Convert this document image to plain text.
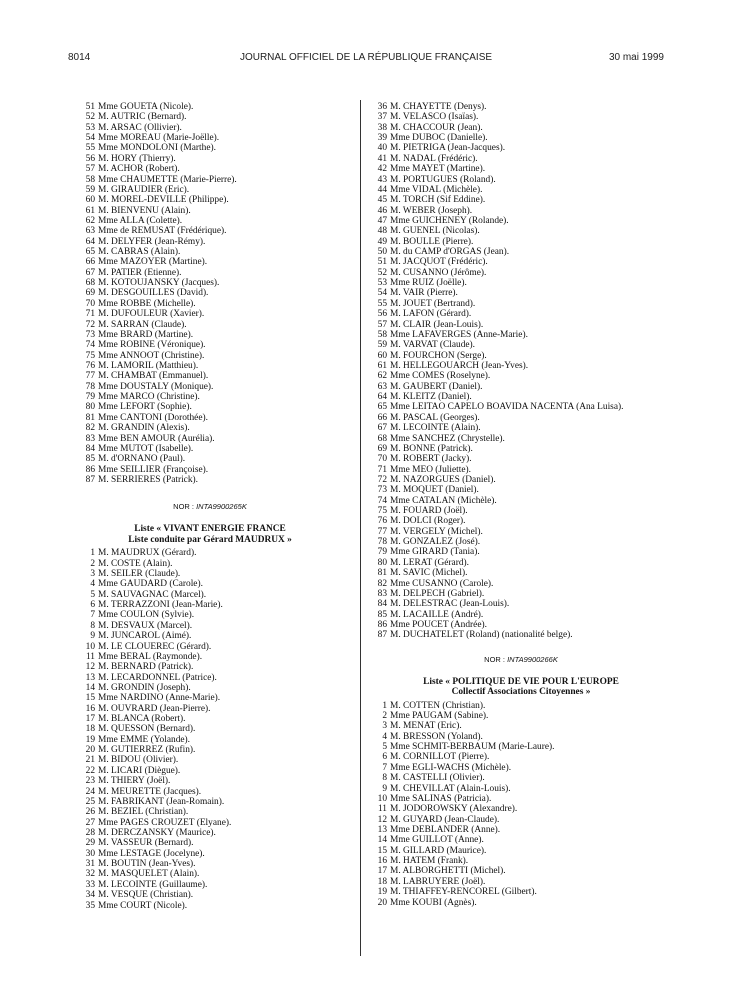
8014	JOURNAL OFFICIEL DE LA RÉPUBLIQUE FRANÇAISE	30 mai 1999
51 Mme GOUETA (Nicole).
52 M. AUTRIC (Bernard).
53 M. ARSAC (Ollivier).
54 Mme MOREAU (Marie-Joëlle).
55 Mme MONDOLONI (Marthe).
56 M. HORY (Thierry).
57 M. ACHOR (Robert).
58 Mme CHAUMETTE (Marie-Pierre).
59 M. GIRAUDIER (Eric).
60 M. MOREL-DEVILLE (Philippe).
61 M. BIENVENU (Alain).
62 Mme ALLA (Colette).
63 Mme de REMUSAT (Frédérique).
64 M. DELYFER (Jean-Rémy).
65 M. CABRAS (Alain).
66 Mme MAZOYER (Martine).
67 M. PATIER (Etienne).
68 M. KOTOUJANSKY (Jacques).
69 M. DESGOUILLES (David).
70 Mme ROBBE (Michelle).
71 M. DUFOULEUR (Xavier).
72 M. SARRAN (Claude).
73 Mme BRARD (Martine).
74 Mme ROBINE (Véronique).
75 Mme ANNOOT (Christine).
76 M. LAMORIL (Matthieu).
77 M. CHAMBAT (Emmanuel).
78 Mme DOUSTALY (Monique).
79 Mme MARCO (Christine).
80 Mme LEFORT (Sophie).
81 Mme CANTONI (Dorothée).
82 M. GRANDIN (Alexis).
83 Mme BEN AMOUR (Aurélia).
84 Mme MUTOT (Isabelle).
85 M. d'ORNANO (Paul).
86 Mme SEILLIER (Françoise).
87 M. SERRIERES (Patrick).
NOR : INTA9900265K
Liste « VIVANT ENERGIE FRANCE
Liste conduite par Gérard MAUDRUX »
1 M. MAUDRUX (Gérard).
2 M. COSTE (Alain).
3 M. SEILER (Claude).
4 Mme GAUDARD (Carole).
5 M. SAUVAGNAC (Marcel).
6 M. TERRAZZONI (Jean-Marie).
7 Mme COULON (Sylvie).
8 M. DESVAUX (Marcel).
9 M. JUNCAROL (Aimé).
10 M. LE CLOUEREC (Gérard).
11 Mme BERAL (Raymonde).
12 M. BERNARD (Patrick).
13 M. LECARDONNEL (Patrice).
14 M. GRONDIN (Joseph).
15 Mme NARDINO (Anne-Marie).
16 M. OUVRARD (Jean-Pierre).
17 M. BLANCA (Robert).
18 M. QUESSON (Bernard).
19 Mme EMME (Yolande).
20 M. GUTIERREZ (Rufin).
21 M. BIDOU (Olivier).
22 M. LICARI (Diègue).
23 M. THIERY (Joël).
24 M. MEURETTE (Jacques).
25 M. FABRIKANT (Jean-Romain).
26 M. BEZIEL (Christian).
27 Mme PAGES CROUZET (Elyane).
28 M. DERCZANSKY (Maurice).
29 M. VASSEUR (Bernard).
30 Mme LESTAGE (Jocelyne).
31 M. BOUTIN (Jean-Yves).
32 M. MASQUELET (Alain).
33 M. LECOINTE (Guillaume).
34 M. VESQUE (Christian).
35 Mme COURT (Nicole).
36 M. CHAYETTE (Denys).
37 M. VELASCO (Isaïas).
38 M. CHACCOUR (Jean).
39 Mme DUBOC (Danielle).
40 M. PIETRIGA (Jean-Jacques).
41 M. NADAL (Frédéric).
42 Mme MAYET (Martine).
43 M. PORTUGUES (Roland).
44 Mme VIDAL (Michèle).
45 M. TORCH (Sif Eddine).
46 M. WEBER (Joseph).
47 Mme GUICHENEY (Rolande).
48 M. GUENEL (Nicolas).
49 M. BOULLE (Pierre).
50 M. du CAMP d'ORGAS (Jean).
51 M. JACQUOT (Frédéric).
52 M. CUSANNO (Jérôme).
53 Mme RUIZ (Joëlle).
54 M. VAIR (Pierre).
55 M. JOUET (Bertrand).
56 M. LAFON (Gérard).
57 M. CLAIR (Jean-Louis).
58 Mme LAFAVERGES (Anne-Marie).
59 M. VARVAT (Claude).
60 M. FOURCHON (Serge).
61 M. HELLEGOUARCH (Jean-Yves).
62 Mme COMES (Roselyne).
63 M. GAUBERT (Daniel).
64 M. KLEITZ (Daniel).
65 Mme LEITAO CAPELO BOAVIDA NACENTA (Ana Luisa).
66 M. PASCAL (Georges).
67 M. LECOINTE (Alain).
68 Mme SANCHEZ (Chrystelle).
69 M. BONNE (Patrick).
70 M. ROBERT (Jacky).
71 Mme MEO (Juliette).
72 M. NAZORGUES (Daniel).
73 M. MOQUET (Daniel).
74 Mme CATALAN (Michèle).
75 M. FOUARD (Joël).
76 M. DOLCI (Roger).
77 M. VERGELY (Michel).
78 M. GONZALEZ (José).
79 Mme GIRARD (Tania).
80 M. LERAT (Gérard).
81 M. SAVIC (Michel).
82 Mme CUSANNO (Carole).
83 M. DELPECH (Gabriel).
84 M. DELESTRAC (Jean-Louis).
85 M. LACAILLE (André).
86 Mme POUCET (Andrée).
87 M. DUCHATELET (Roland) (nationalité belge).
NOR : INTA9900266K
Liste « POLITIQUE DE VIE POUR L'EUROPE
Collectif Associations Citoyennes »
1 M. COTTEN (Christian).
2 Mme PAUGAM (Sabine).
3 M. MENAT (Eric).
4 M. BRESSON (Yoland).
5 Mme SCHMIT-BERBAUM (Marie-Laure).
6 M. CORNILLOT (Pierre).
7 Mme EGLI-WACHS (Michèle).
8 M. CASTELLI (Olivier).
9 M. CHEVILLAT (Alain-Louis).
10 Mme SALINAS (Patricia).
11 M. JODOROWSKY (Alexandre).
12 M. GUYARD (Jean-Claude).
13 Mme DEBLANDER (Anne).
14 Mme GUILLOT (Anne).
15 M. GILLARD (Maurice).
16 M. HATEM (Frank).
17 M. ALBORGHETTI (Michel).
18 M. LABRUYERE (Joël).
19 M. THIAFFEY-RENCOREL (Gilbert).
20 Mme KOUBI (Agnès).
